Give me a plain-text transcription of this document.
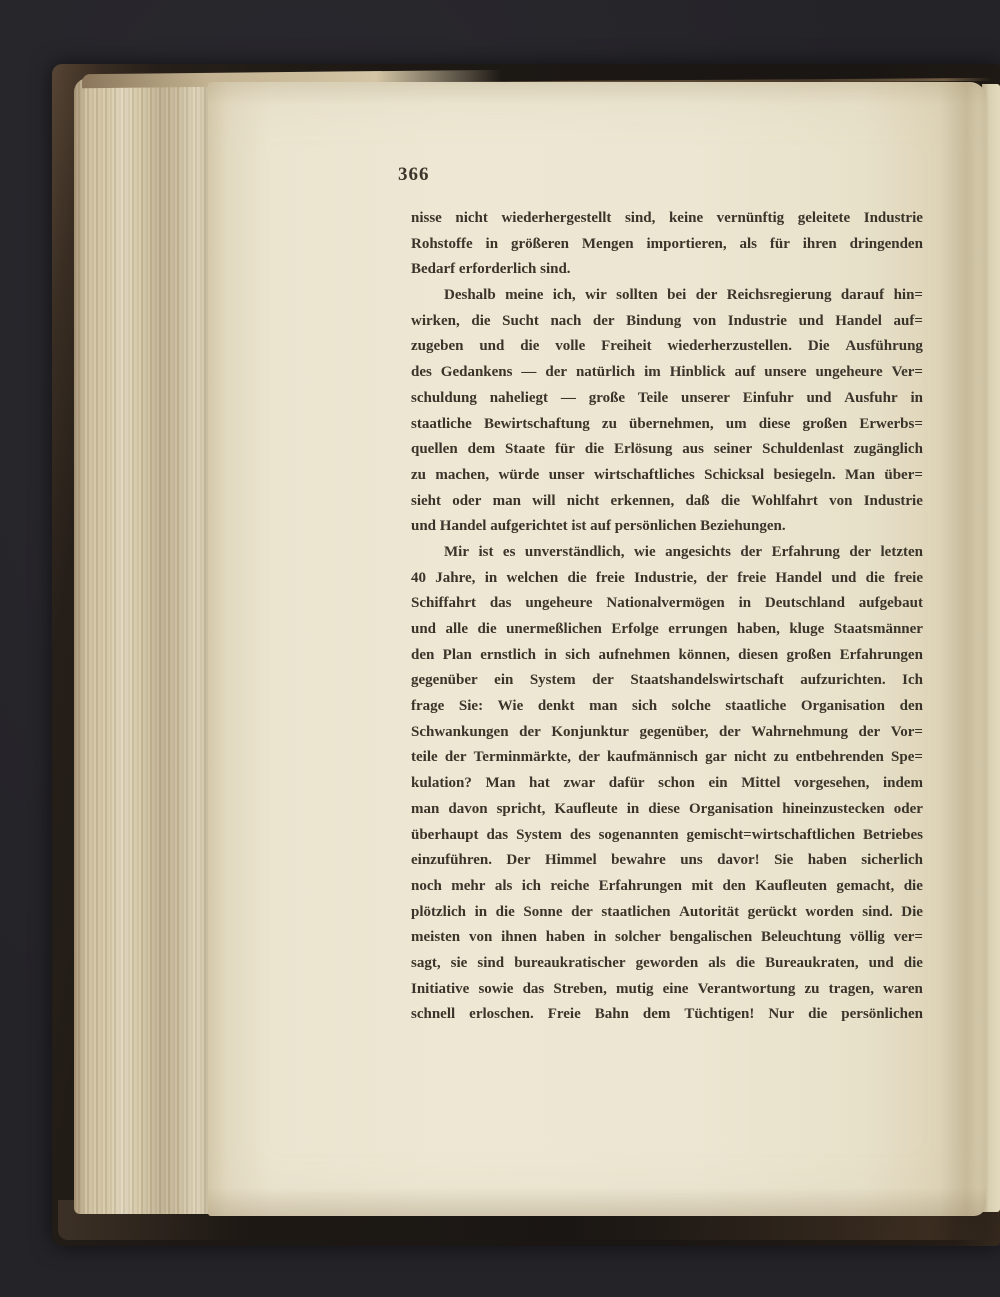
366
nisse nicht wiederhergestellt sind, keine vernünftig geleitete Industrie
Rohstoffe in größeren Mengen importieren, als für ihren dringenden
Bedarf erforderlich sind.
Deshalb meine ich, wir sollten bei der Reichsregierung darauf hin=
wirken, die Sucht nach der Bindung von Industrie und Handel auf=
zugeben und die volle Freiheit wiederherzustellen. Die Ausführung
des Gedankens — der natürlich im Hinblick auf unsere ungeheure Ver=
schuldung naheliegt — große Teile unserer Einfuhr und Ausfuhr in
staatliche Bewirtschaftung zu übernehmen, um diese großen Erwerbs=
quellen dem Staate für die Erlösung aus seiner Schuldenlast zugänglich
zu machen, würde unser wirtschaftliches Schicksal besiegeln. Man über=
sieht oder man will nicht erkennen, daß die Wohlfahrt von Industrie
und Handel aufgerichtet ist auf persönlichen Beziehungen.
Mir ist es unverständlich, wie angesichts der Erfahrung der letzten
40 Jahre, in welchen die freie Industrie, der freie Handel und die freie
Schiffahrt das ungeheure Nationalvermögen in Deutschland aufgebaut
und alle die unermeßlichen Erfolge errungen haben, kluge Staatsmänner
den Plan ernstlich in sich aufnehmen können, diesen großen Erfahrungen
gegenüber ein System der Staatshandelswirtschaft aufzurichten. Ich
frage Sie: Wie denkt man sich solche staatliche Organisation den
Schwankungen der Konjunktur gegenüber, der Wahrnehmung der Vor=
teile der Terminmärkte, der kaufmännisch gar nicht zu entbehrenden Spe=
kulation? Man hat zwar dafür schon ein Mittel vorgesehen, indem
man davon spricht, Kaufleute in diese Organisation hineinzustecken oder
überhaupt das System des sogenannten gemischt=wirtschaftlichen Betriebes
einzuführen. Der Himmel bewahre uns davor! Sie haben sicherlich
noch mehr als ich reiche Erfahrungen mit den Kaufleuten gemacht, die
plötzlich in die Sonne der staatlichen Autorität gerückt worden sind. Die
meisten von ihnen haben in solcher bengalischen Beleuchtung völlig ver=
sagt, sie sind bureaukratischer geworden als die Bureaukraten, und die
Initiative sowie das Streben, mutig eine Verantwortung zu tragen, waren
schnell erloschen. Freie Bahn dem Tüchtigen! Nur die persönlichen
